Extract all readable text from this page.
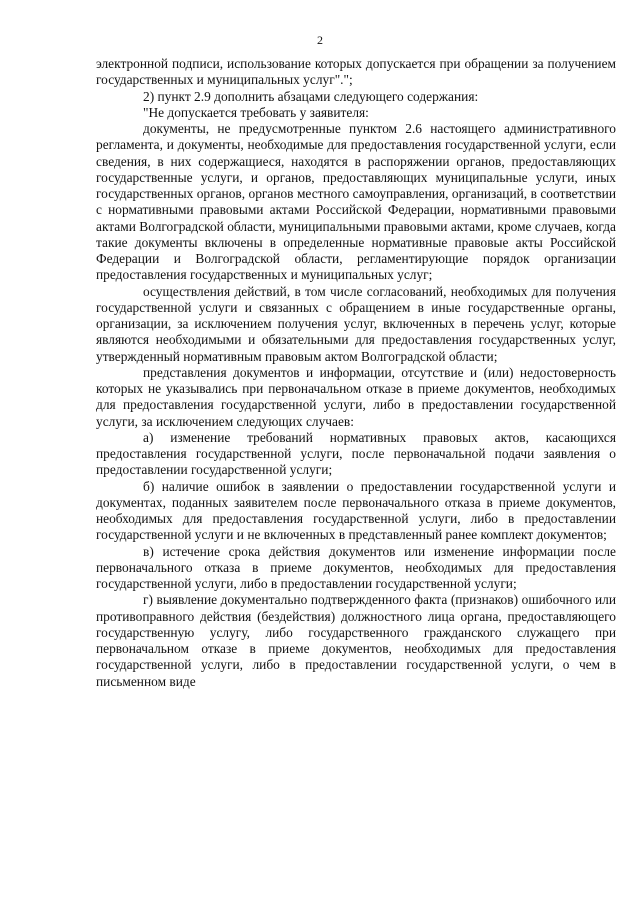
2

электронной подписи, использование которых допускается при обращении за получением государственных и муниципальных услуг".";

2) пункт 2.9 дополнить абзацами следующего содержания:

"Не допускается требовать у заявителя:

документы, не предусмотренные пунктом 2.6 настоящего административного регламента, и документы, необходимые для предоставления государственной услуги, если сведения, в них содержащиеся, находятся в распоряжении органов, предоставляющих государственные услуги, и органов, предоставляющих муниципальные услуги, иных государственных органов, органов местного самоуправления, организаций, в соответствии с нормативными правовыми актами Российской Федерации, нормативными правовыми актами Волгоградской области, муниципальными правовыми актами, кроме случаев, когда такие документы включены в определенные нормативные правовые акты Российской Федерации и Волгоградской области, регламентирующие порядок организации предоставления государственных и муниципальных услуг;

осуществления действий, в том числе согласований, необходимых для получения государственной услуги и связанных с обращением в иные государственные органы, организации, за исключением получения услуг, включенных в перечень услуг, которые являются необходимыми и обязательными для предоставления государственных услуг, утвержденный нормативным правовым актом Волгоградской области;

представления документов и информации, отсутствие и (или) недостоверность которых не указывались при первоначальном отказе в приеме документов, необходимых для предоставления государственной услуги, либо в предоставлении государственной услуги, за исключением следующих случаев:

а) изменение требований нормативных правовых актов, касающихся предоставления государственной услуги, после первоначальной подачи заявления о предоставлении государственной услуги;

б) наличие ошибок в заявлении о предоставлении государственной услуги и документах, поданных заявителем после первоначального отказа в приеме документов, необходимых для предоставления государственной услуги, либо в предоставлении государственной услуги и не включенных в представленный ранее комплект документов;

в) истечение срока действия документов или изменение информации после первоначального отказа в приеме документов, необходимых для предоставления государственной услуги, либо в предоставлении государственной услуги;

г) выявление документально подтвержденного факта (признаков) ошибочного или противоправного действия (бездействия) должностного лица органа, предоставляющего государственную услугу, либо государственного гражданского служащего при первоначальном отказе в приеме документов, необходимых для предоставления государственной услуги, либо в предоставлении государственной услуги, о чем в письменном виде
